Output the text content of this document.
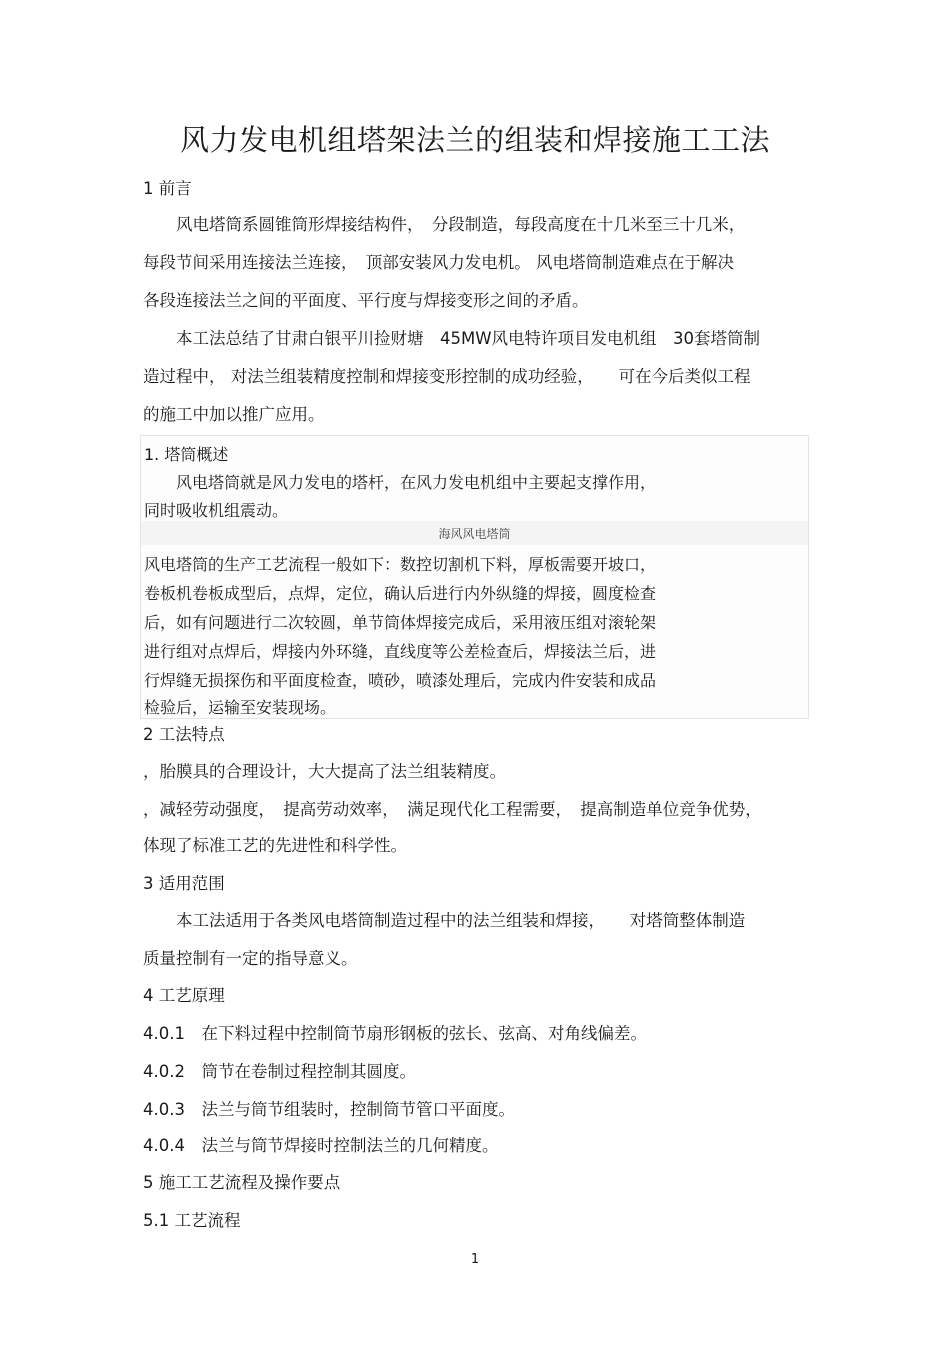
风力发电机组塔架法兰的组装和焊接施工工法
1 前言
　　风电塔筒系圆锥筒形焊接结构件，　分段制造，每段高度在十几米至三十几米，
每段节间采用连接法兰连接，　顶部安装风力发电机。 风电塔筒制造难点在于解决
各段连接法兰之间的平面度、平行度与焊接变形之间的矛盾。
　　本工法总结了甘肃白银平川捡财塘　45MW风电特许项目发电机组　30套塔筒制
造过程中， 对法兰组装精度控制和焊接变形控制的成功经验，　　可在今后类似工程
的施工中加以推广应用。
1. 塔筒概述
　　风电塔筒就是风力发电的塔杆，在风力发电机组中主要起支撑作用，
同时吸收机组震动。
海风风电塔筒
风电塔筒的生产工艺流程一般如下：数控切割机下料，厚板需要开坡口，
卷板机卷板成型后，点焊，定位，确认后进行内外纵缝的焊接，圆度检查
后，如有问题进行二次较圆，单节筒体焊接完成后，采用液压组对滚轮架
进行组对点焊后，焊接内外环缝，直线度等公差检查后，焊接法兰后，进
行焊缝无损探伤和平面度检查，喷砂，喷漆处理后，完成内件安装和成品
检验后，运输至安装现场。
2 工法特点
，胎膜具的合理设计，大大提高了法兰组装精度。
，减轻劳动强度，　提高劳动效率，　满足现代化工程需要，　提高制造单位竞争优势，
体现了标准工艺的先进性和科学性。
3 适用范围
　　本工法适用于各类风电塔筒制造过程中的法兰组装和焊接，　　对塔筒整体制造
质量控制有一定的指导意义。
4 工艺原理
4.0.1　在下料过程中控制筒节扇形钢板的弦长、弦高、对角线偏差。
4.0.2　筒节在卷制过程控制其圆度。
4.0.3　法兰与筒节组装时，控制筒节管口平面度。
4.0.4　法兰与筒节焊接时控制法兰的几何精度。
5 施工工艺流程及操作要点
5.1 工艺流程
1
